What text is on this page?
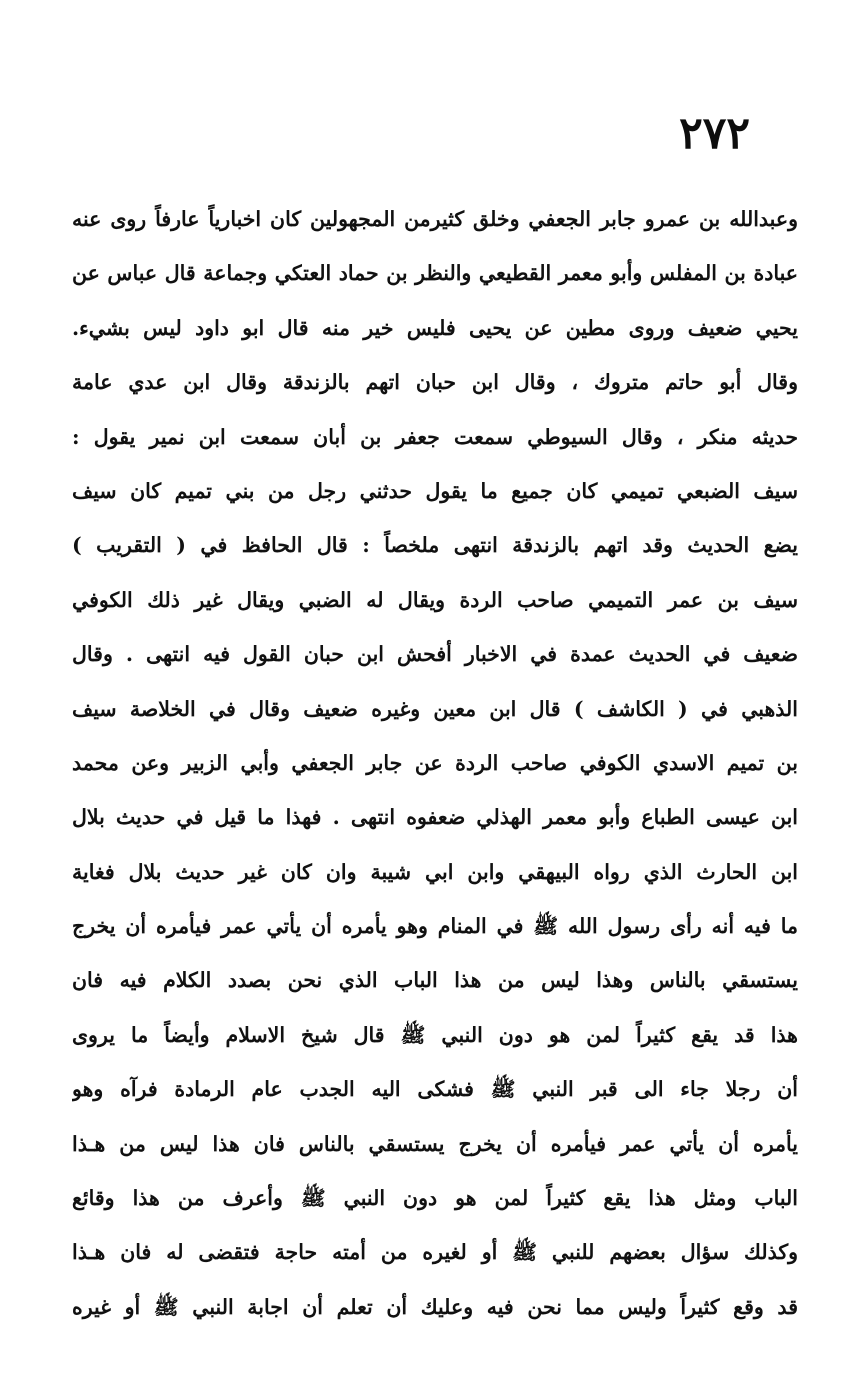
٢٧٢
وعبدالله بن عمرو جابر الجعفي وخلق كثيرمن المجهولين كان اخبارياً عارفاً روى عنه
عبادة بن المفلس وأبو معمر القطيعي والنظر بن حماد العتكي وجماعة قال عباس عن
يحيي ضعيف وروى مطين عن يحيى فليس خير منه قال ابو داود ليس بشيء.
وقال أبو حاتم متروك ، وقال ابن حبان اتهم بالزندقة وقال ابن عدي عامة
حديثه منكر ، وقال السيوطي سمعت جعفر بن أبان سمعت ابن نمير يقول :
سيف الضبعي تميمي كان جميع ما يقول حدثني رجل من بني تميم كان سيف
يضع الحديث وقد اتهم بالزندقة انتهى ملخصاً : قال الحافظ في ( التقريب )
سيف بن عمر التميمي صاحب الردة ويقال له الضبي ويقال غير ذلك الكوفي
ضعيف في الحديث عمدة في الاخبار أفحش ابن حبان القول فيه انتهى . وقال
الذهبي في ( الكاشف ) قال ابن معين وغيره ضعيف وقال في الخلاصة سيف
بن تميم الاسدي الكوفي صاحب الردة عن جابر الجعفي وأبي الزبير وعن محمد
ابن عيسى الطباع وأبو معمر الهذلي ضعفوه انتهى . فهذا ما قيل في حديث بلال
ابن الحارث الذي رواه البيهقي وابن ابي شيبة وان كان غير حديث بلال فغاية
ما فيه أنه رأى رسول الله ﷺ في المنام وهو يأمره أن يأتي عمر فيأمره أن يخرج
يستسقي بالناس وهذا ليس من هذا الباب الذي نحن بصدد الكلام فيه فان
هذا قد يقع كثيراً لمن هو دون النبي ﷺ قال شيخ الاسلام وأيضاً ما يروى
أن رجلا جاء الى قبر النبي ﷺ فشكى اليه الجدب عام الرمادة فرآه وهو
يأمره أن يأتي عمر فيأمره أن يخرج يستسقي بالناس فان هذا ليس من هـذا
الباب ومثل هذا يقع كثيراً لمن هو دون النبي ﷺ وأعرف من هذا وقائع
وكذلك سؤال بعضهم للنبي ﷺ أو لغيره من أمته حاجة فتقضى له فان هـذا
قد وقع كثيراً وليس مما نحن فيه وعليك أن تعلم أن اجابة النبي ﷺ أو غيره
